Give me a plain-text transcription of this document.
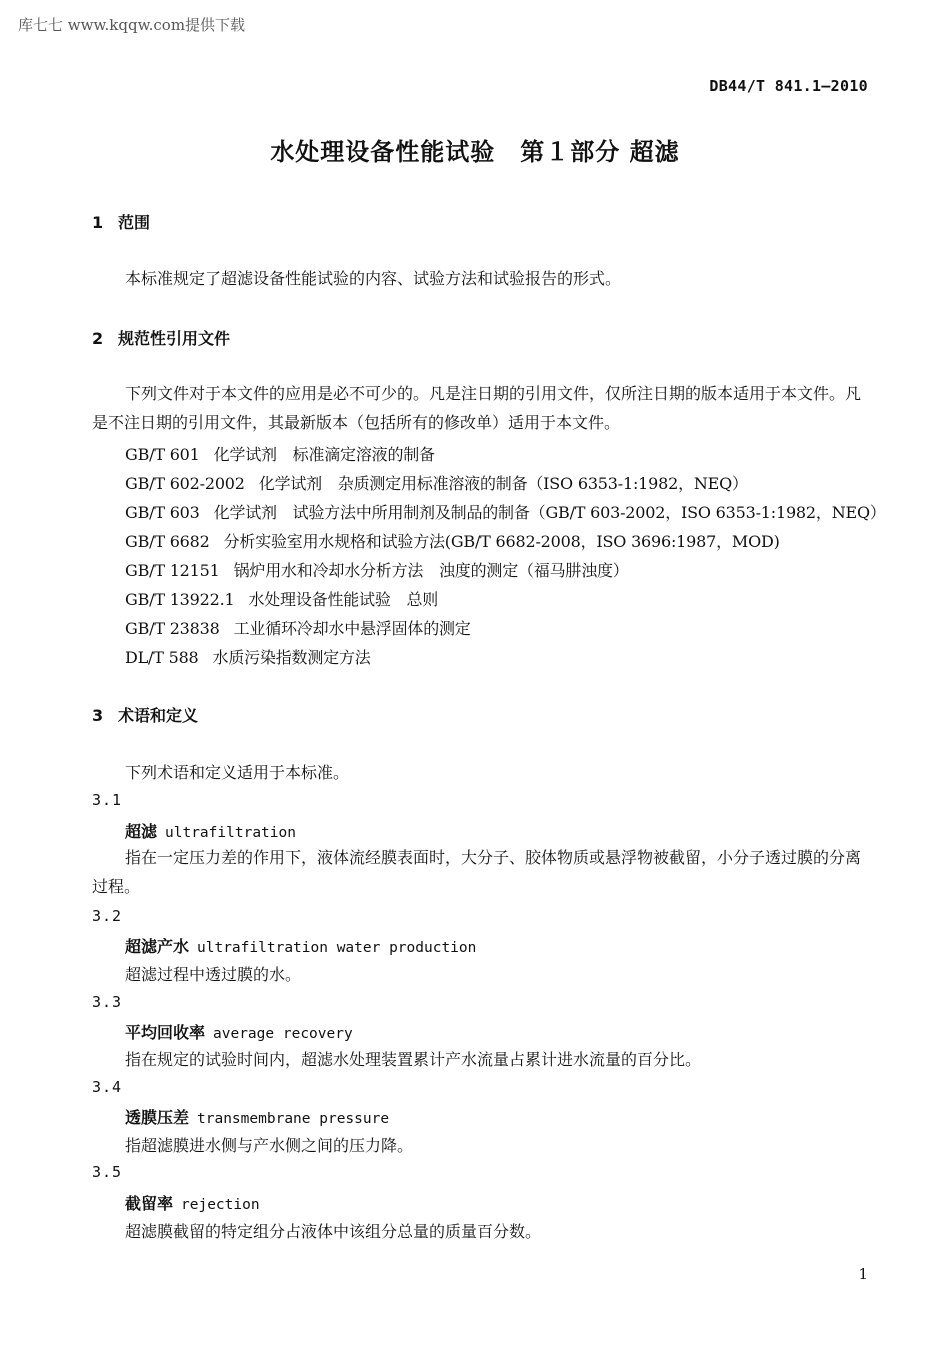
库七七 www.kqqw.com提供下载
DB44/T 841.1—2010
水处理设备性能试验　第１部分 超滤
1 范围
本标准规定了超滤设备性能试验的内容、试验方法和试验报告的形式。
2 规范性引用文件
下列文件对于本文件的应用是必不可少的。凡是注日期的引用文件，仅所注日期的版本适用于本文件。凡是不注日期的引用文件，其最新版本（包括所有的修改单）适用于本文件。
GB/T 601 化学试剂　标准滴定溶液的制备
GB/T 602-2002 化学试剂　杂质测定用标准溶液的制备（ISO 6353-1:1982，NEQ）
GB/T 603 化学试剂　试验方法中所用制剂及制品的制备（GB/T 603-2002，ISO 6353-1:1982，NEQ）
GB/T 6682 分析实验室用水规格和试验方法(GB/T 6682-2008，ISO 3696:1987，MOD)
GB/T 12151 锅炉用水和冷却水分析方法　浊度的测定（福马肼浊度）
GB/T 13922.1 水处理设备性能试验　总则
GB/T 23838 工业循环冷却水中悬浮固体的测定
DL/T 588 水质污染指数测定方法
3 术语和定义
下列术语和定义适用于本标准。
3.1
超滤 ultrafiltration
指在一定压力差的作用下，液体流经膜表面时，大分子、胶体物质或悬浮物被截留，小分子透过膜的分离过程。
3.2
超滤产水 ultrafiltration water production
超滤过程中透过膜的水。
3.3
平均回收率 average recovery
指在规定的试验时间内，超滤水处理装置累计产水流量占累计进水流量的百分比。
3.4
透膜压差 transmembrane pressure
指超滤膜进水侧与产水侧之间的压力降。
3.5
截留率 rejection
超滤膜截留的特定组分占液体中该组分总量的质量百分数。
1
